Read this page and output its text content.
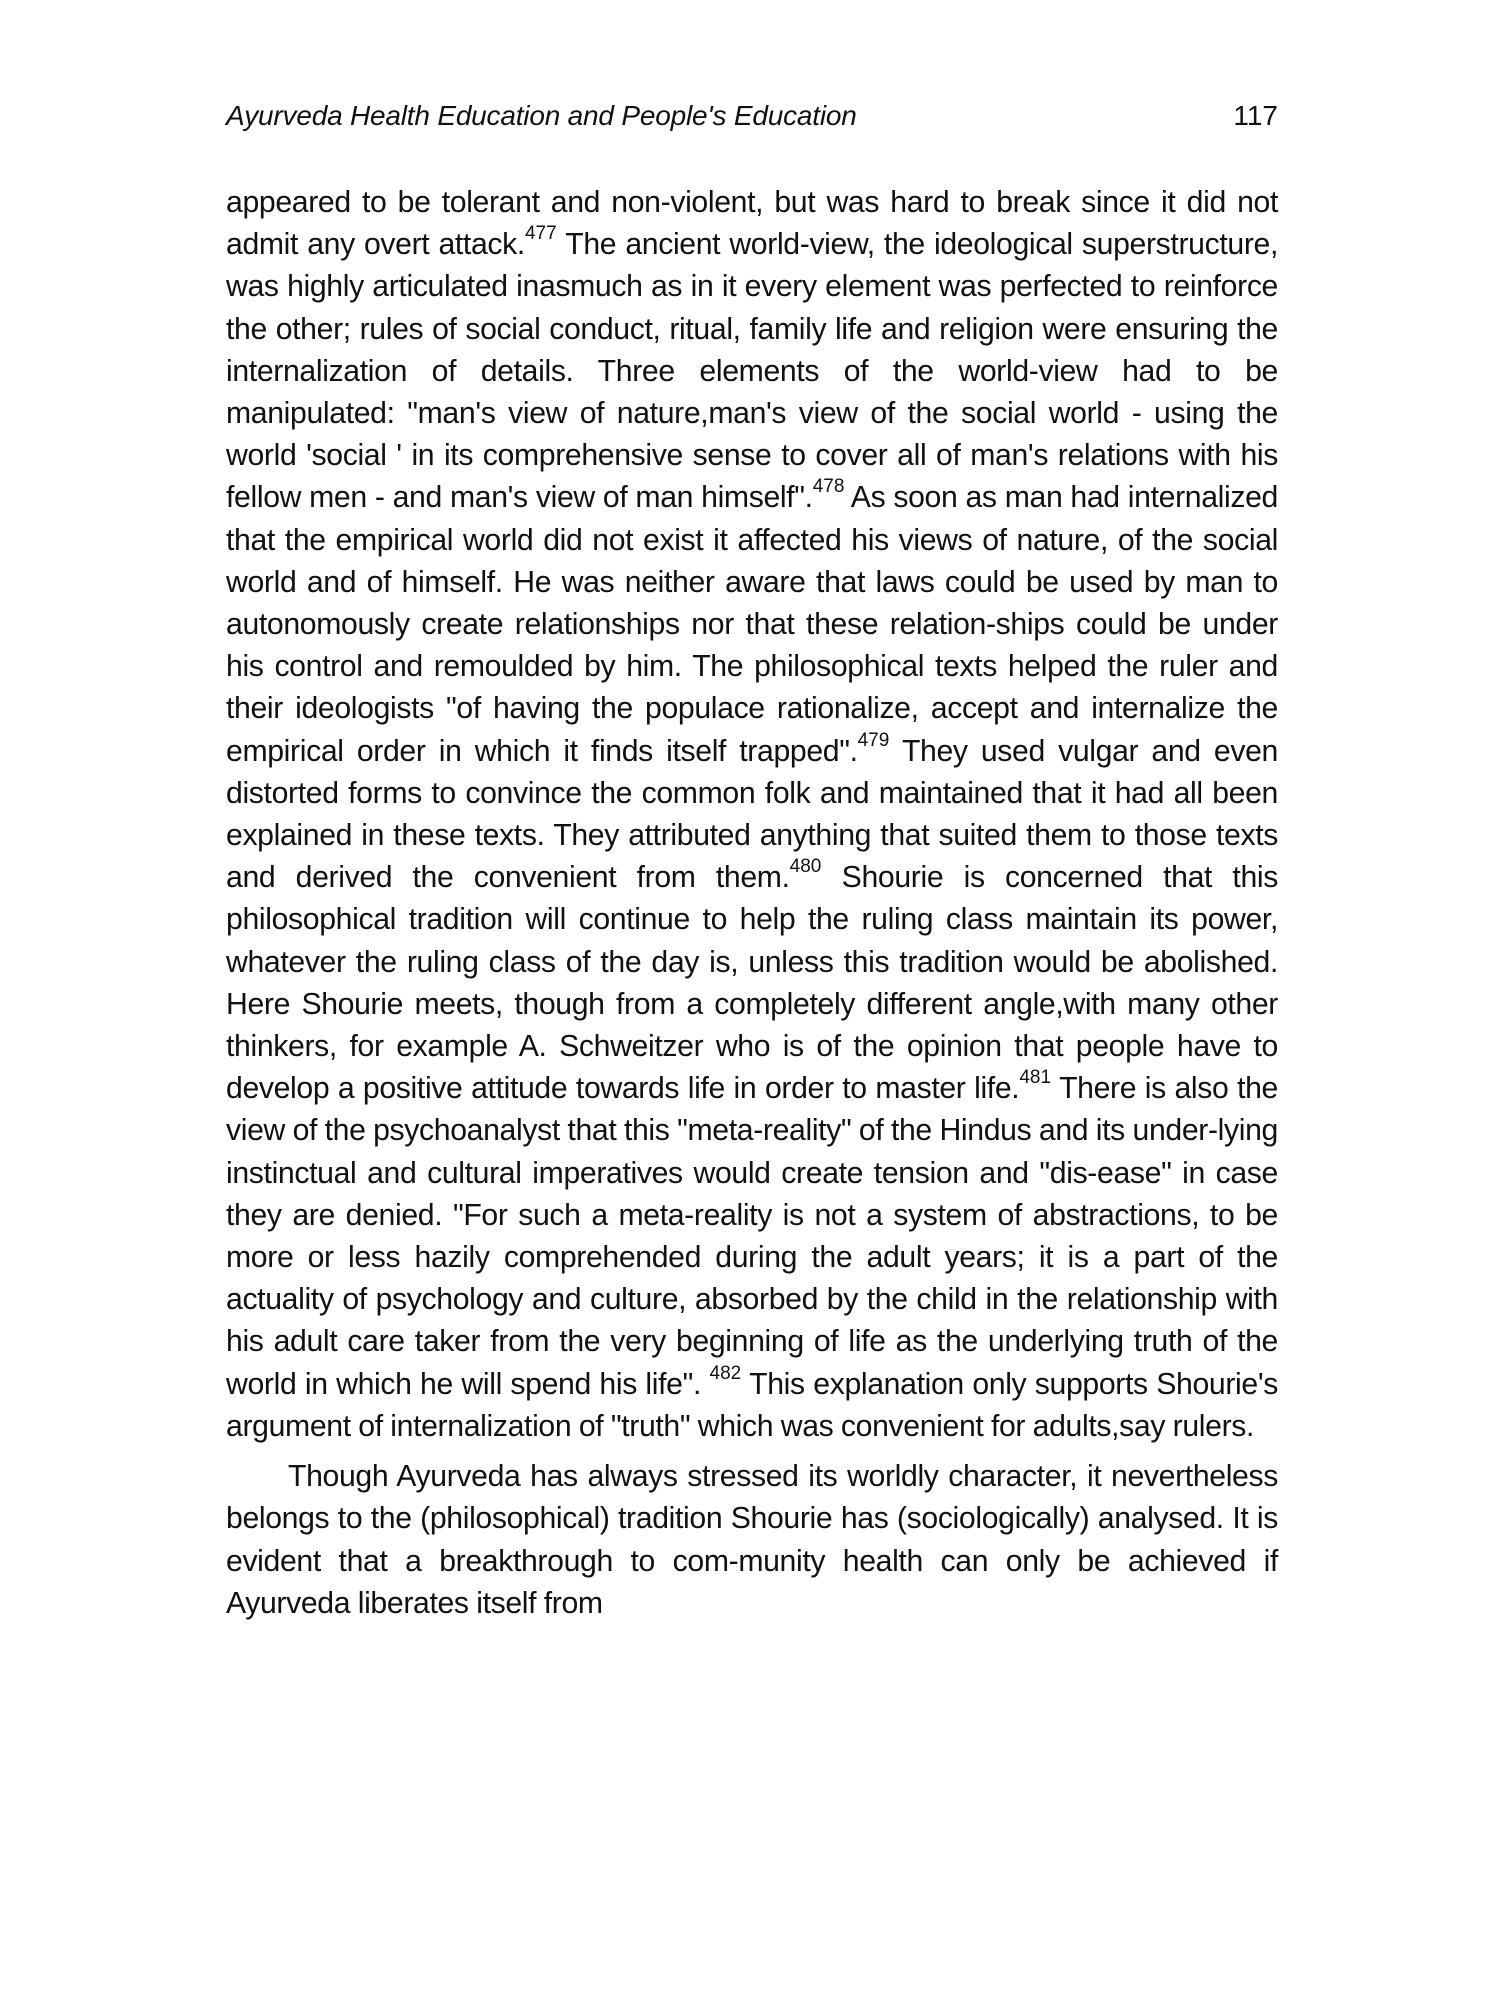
Ayurveda Health Education and People's Education	117

appeared to be tolerant and non-violent, but was hard to break since it did not admit any overt attack.$^{477}$ The ancient world-view, the ideological superstructure, was highly articulated inasmuch as in it every element was perfected to reinforce the other; rules of social conduct, ritual, family life and religion were ensuring the internalization of details. Three elements of the world-view had to be manipulated: "man's view of nature,man's view of the social world - using the world 'social ' in its comprehensive sense to cover all of man's relations with his fellow men - and man's view of man himself".$^{478}$ As soon as man had internalized that the empirical world did not exist it affected his views of nature, of the social world and of himself. He was neither aware that laws could be used by man to autonomously create relationships nor that these relation-ships could be under his control and remoulded by him. The philosophical texts helped the ruler and their ideologists "of having the populace rationalize, accept and internalize the empirical order in which it finds itself trapped".$^{479}$ They used vulgar and even distorted forms to convince the common folk and maintained that it had all been explained in these texts. They attributed anything that suited them to those texts and derived the convenient from them.$^{480}$ Shourie is concerned that this philosophical tradition will continue to help the ruling class maintain its power, whatever the ruling class of the day is, unless this tradition would be abolished. Here Shourie meets, though from a completely different angle,with many other thinkers, for example A. Schweitzer who is of the opinion that people have to develop a positive attitude towards life in order to master life.$^{481}$ There is also the view of the psychoanalyst that this "meta-reality" of the Hindus and its under-lying instinctual and cultural imperatives would create tension and "dis-ease" in case they are denied. "For such a meta-reality is not a system of abstractions, to be more or less hazily comprehended during the adult years; it is a part of the actuality of psychology and culture, absorbed by the child in the relationship with his adult care taker from the very beginning of life as the underlying truth of the world in which he will spend his life". $^{482}$ This explanation only supports Shourie's argument of internalization of "truth" which was convenient for adults,say rulers.

Though Ayurveda has always stressed its worldly character, it nevertheless belongs to the (philosophical) tradition Shourie has (sociologically) analysed. It is evident that a breakthrough to com-munity health can only be achieved if Ayurveda liberates itself from
